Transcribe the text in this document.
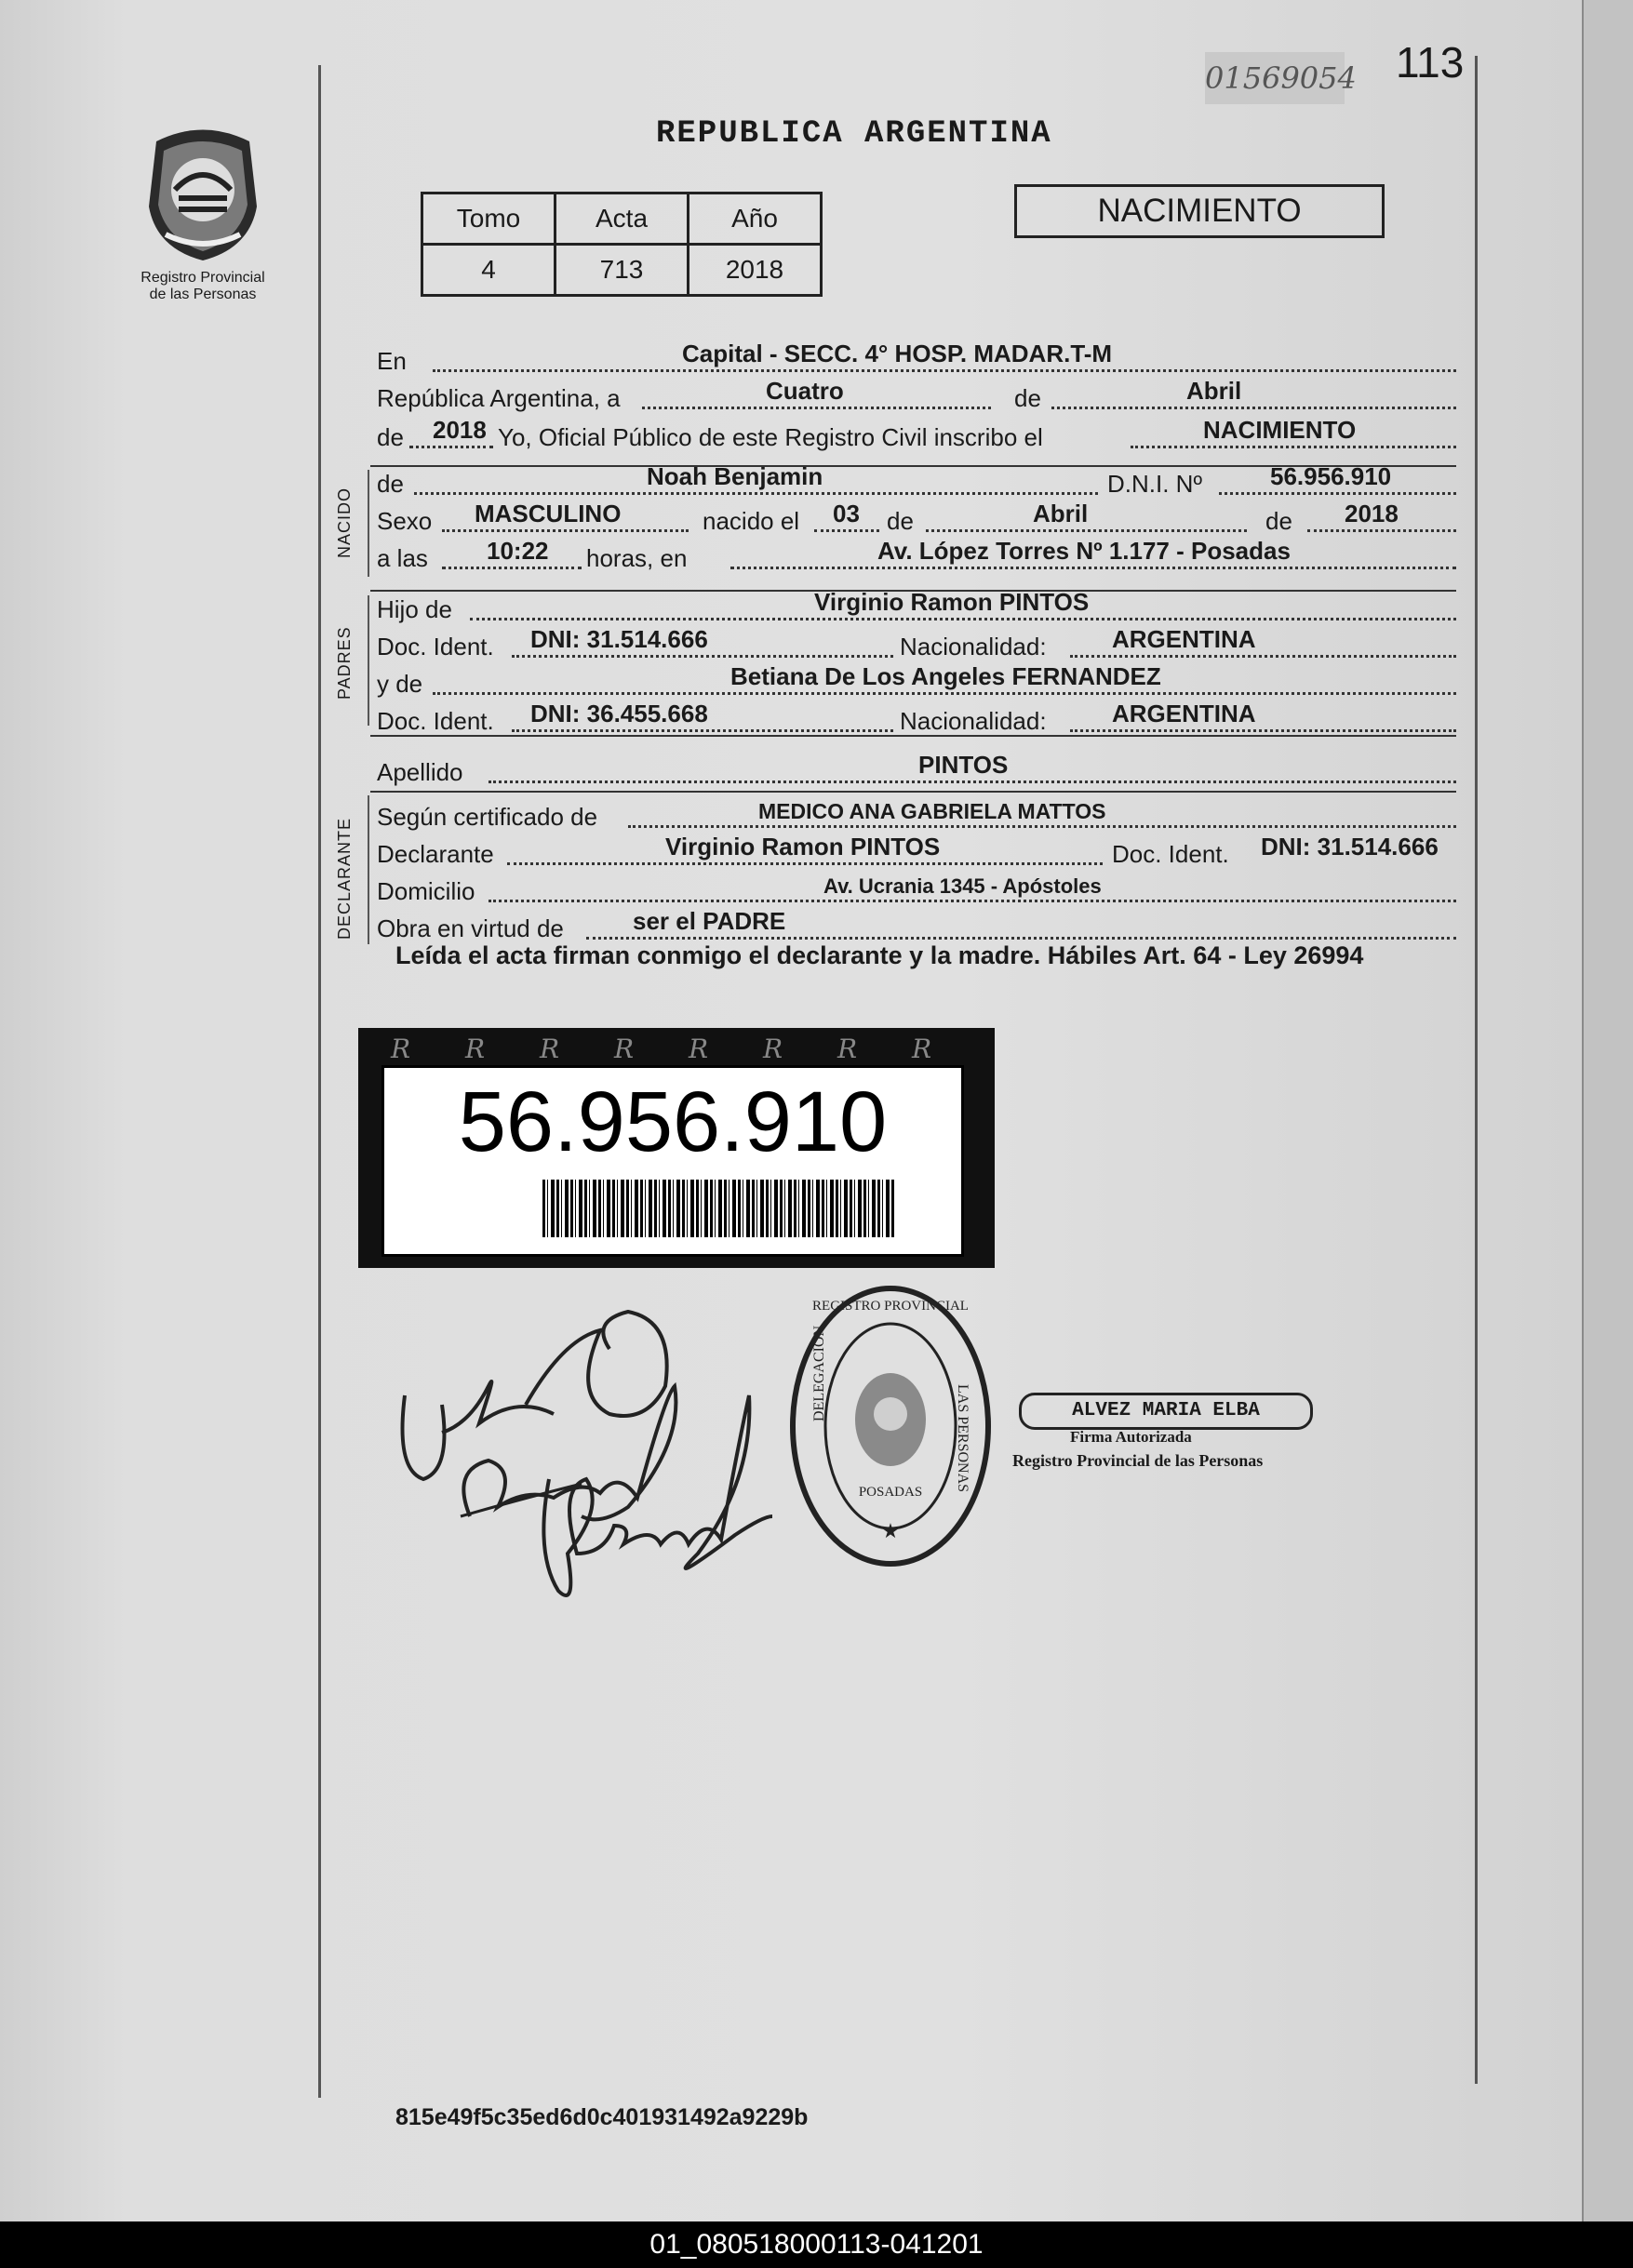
01569054 113
Registro Provincial
de las Personas
REPUBLICA ARGENTINA
Tomo	Acta	Año
4	713	2018
NACIMIENTO
En	Capital - SECC. 4° HOSP. MADAR.T-M
República Argentina, a	Cuatro	de	Abril
de 2018 Yo, Oficial Público de este Registro Civil inscribo el	NACIMIENTO
NACIDO
de	Noah Benjamin	D.N.I. Nº	56.956.910
Sexo MASCULINO	nacido el 03 de	Abril	de 2018
a las 10:22 horas, en	Av. López Torres Nº 1.177 - Posadas
PADRES
Hijo de	Virginio Ramon PINTOS
Doc. Ident. DNI: 31.514.666	Nacionalidad:	ARGENTINA
y de	Betiana De Los Angeles FERNANDEZ
Doc. Ident. DNI: 36.455.668	Nacionalidad:	ARGENTINA
Apellido	PINTOS
DECLARANTE
Según certificado de	MEDICO ANA GABRIELA MATTOS
Declarante	Virginio Ramon PINTOS	Doc. Ident. DNI: 31.514.666
Domicilio	Av. Ucrania 1345 - Apóstoles
Obra en virtud de	ser el PADRE
Leída el acta firman conmigo el declarante y la madre. Hábiles Art. 64 - Ley 26994
R R R R R R R R
56.956.910
★
DELEGACION
LAS PERSONAS
REGISTRO PROVINCIAL
POSADAS
ALVEZ MARIA ELBA
Firma Autorizada
Registro Provincial de las Personas
815e49f5c35ed6d0c401931492a9229b
01_080518000113-041201
